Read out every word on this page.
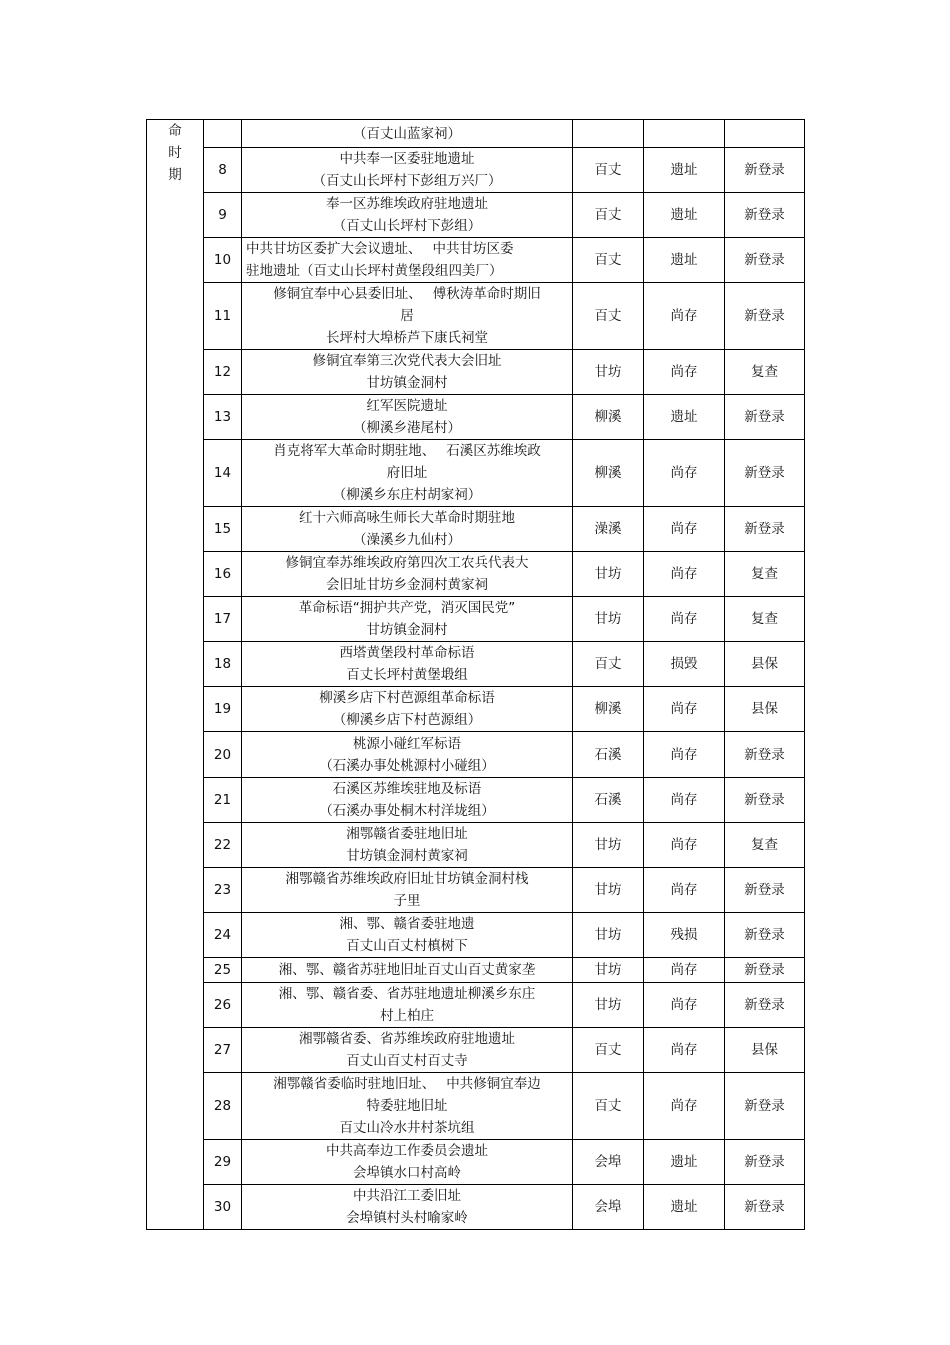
命
时
期		（百丈山蓝家祠）			

	8	中共奉一区委驻地遗址
（百丈山长坪村下彭组万兴厂）	百丈	遗址	新登录
	9	奉一区苏维埃政府驻地遗址
（百丈山长坪村下彭组）	百丈	遗址	新登录
	10	中共甘坊区委扩大会议遗址、　 中共甘坊区委
驻地遗址（百丈山长坪村黄堡段组四美厂）	百丈	遗址	新登录
	11	修铜宜奉中心县委旧址、　 傅秋涛革命时期旧
居
长坪村大埠桥芦下康氏祠堂	百丈	尚存	新登录
	12	修铜宜奉第三次党代表大会旧址
甘坊镇金洞村	甘坊	尚存	复查
	13	红军医院遗址
（柳溪乡港尾村）	柳溪	遗址	新登录
	14	肖克将军大革命时期驻地、　 石溪区苏维埃政
府旧址
（柳溪乡东庄村胡家祠）	柳溪	尚存	新登录
	15	红十六师高咏生师长大革命时期驻地
（澡溪乡九仙村）	澡溪	尚存	新登录
	16	修铜宜奉苏维埃政府第四次工农兵代表大
会旧址甘坊乡金洞村黄家祠	甘坊	尚存	复查
	17	革命标语“拥护共产党，消灭国民党”
甘坊镇金洞村	甘坊	尚存	复查
	18	西塔黄堡段村革命标语
百丈长坪村黄堡塅组	百丈	损毁	县保
	19	柳溪乡店下村芭源组革命标语
（柳溪乡店下村芭源组）	柳溪	尚存	县保
	20	桃源小碰红军标语
（石溪办事处桃源村小碰组）	石溪	尚存	新登录
	21	石溪区苏维埃驻地及标语
（石溪办事处桐木村洋垅组）	石溪	尚存	新登录
	22	湘鄂赣省委驻地旧址
甘坊镇金洞村黄家祠	甘坊	尚存	复查
	23	湘鄂赣省苏维埃政府旧址甘坊镇金洞村栈
子里	甘坊	尚存	新登录
	24	湘、鄂、赣省委驻地遗
百丈山百丈村槙树下	甘坊	残损	新登录
	25	湘、鄂、赣省苏驻地旧址百丈山百丈黄家垄	甘坊	尚存	新登录
	26	湘、鄂、赣省委、省苏驻地遗址柳溪乡东庄
村上柏庄	甘坊	尚存	新登录
	27	湘鄂赣省委、省苏维埃政府驻地遗址
百丈山百丈村百丈寺	百丈	尚存	县保
	28	湘鄂赣省委临时驻地旧址、　 中共修铜宜奉边
特委驻地旧址
百丈山冷水井村茶坑组	百丈	尚存	新登录
	29	中共高奉边工作委员会遗址
会埠镇水口村高岭	会埠	遗址	新登录
	30	中共沿江工委旧址
会埠镇村头村喻家岭	会埠	遗址	新登录
